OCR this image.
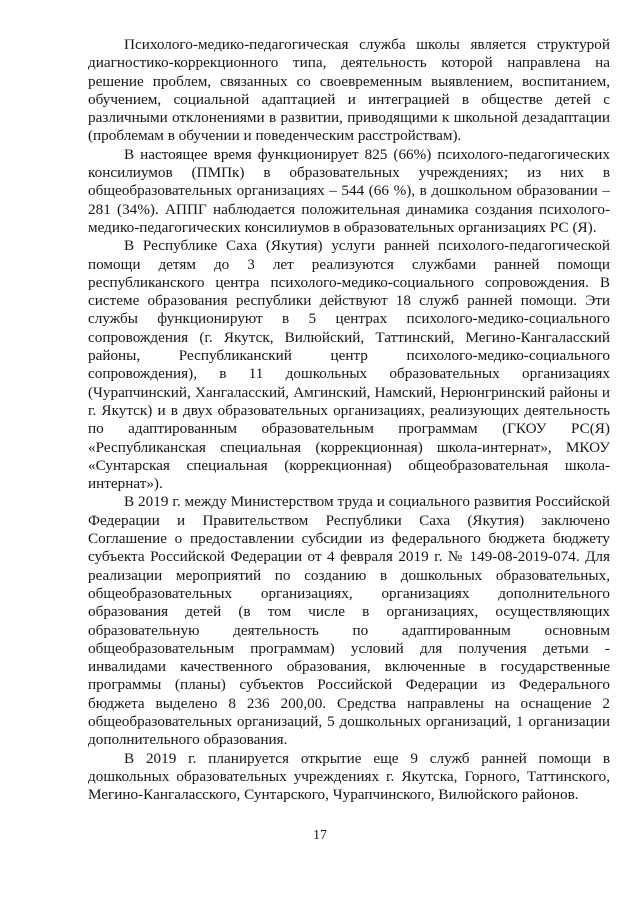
Психолого-медико-педагогическая служба школы является структурой диагностико-коррекционного типа, деятельность которой направлена на решение проблем, связанных со своевременным выявлением, воспитанием, обучением, социальной адаптацией и интеграцией в обществе детей с различными отклонениями в развитии, приводящими к школьной дезадаптации (проблемам в обучении и поведенческим расстройствам).

В настоящее время функционирует 825 (66%) психолого-педагогических консилиумов (ПМПк) в образовательных учреждениях; из них в общеобразовательных организациях – 544 (66 %), в дошкольном образовании – 281 (34%). АППГ наблюдается положительная динамика создания психолого-медико-педагогических консилиумов в образовательных организациях РС (Я).

В Республике Саха (Якутия) услуги ранней психолого-педагогической помощи детям до 3 лет реализуются службами ранней помощи республиканского центра психолого-медико-социального сопровождения. В системе образования республики действуют 18 служб ранней помощи. Эти службы функционируют в 5 центрах психолого-медико-социального сопровождения (г. Якутск, Вилюйский, Таттинский, Мегино-Кангаласский районы, Республиканский центр психолого-медико-социального сопровождения), в 11 дошкольных образовательных организациях (Чурапчинский, Хангаласский, Амгинский, Намский, Нерюнгринский районы и г. Якутск) и в двух образовательных организациях, реализующих деятельность по адаптированным образовательным программам (ГКОУ РС(Я) «Республиканская специальная (коррекционная) школа-интернат», МКОУ «Сунтарская специальная (коррекционная) общеобразовательная школа-интернат»).

В 2019 г. между Министерством труда и социального развития Российской Федерации и Правительством Республики Саха (Якутия) заключено Соглашение о предоставлении субсидии из федерального бюджета бюджету субъекта Российской Федерации от 4 февраля 2019 г. № 149-08-2019-074. Для реализации мероприятий по созданию в дошкольных образовательных, общеобразовательных организациях, организациях дополнительного образования детей (в том числе в организациях, осуществляющих образовательную деятельность по адаптированным основным общеобразовательным программам) условий для получения детьми - инвалидами качественного образования, включенные в государственные программы (планы) субъектов Российской Федерации из Федерального бюджета выделено 8 236 200,00. Средства направлены на оснащение 2 общеобразовательных организаций, 5 дошкольных организаций, 1 организации дополнительного образования.

В 2019 г. планируется открытие еще 9 служб ранней помощи в дошкольных образовательных учреждениях г. Якутска, Горного, Таттинского, Мегино-Кангаласского, Сунтарского, Чурапчинского, Вилюйского районов.

17
